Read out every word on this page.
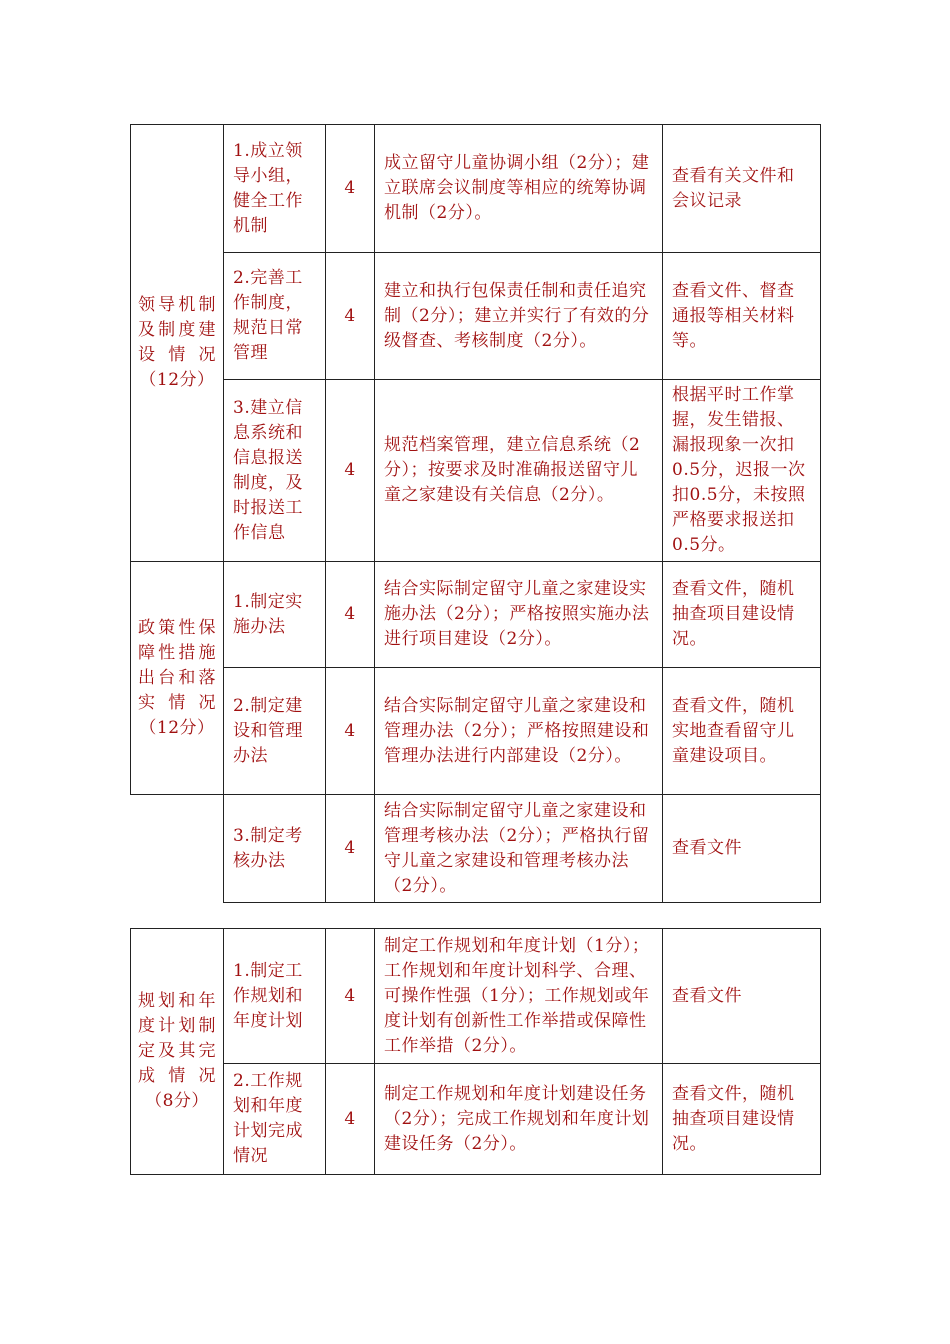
领导机制及制度建设情况（12分）
1.成立领导小组，健全工作机制
4
成立留守儿童协调小组（2分）；建立联席会议制度等相应的统筹协调机制（2分）。
查看有关文件和会议记录
2.完善工作制度，规范日常管理
4
建立和执行包保责任制和责任追究制（2分）；建立并实行了有效的分级督查、考核制度（2分）。
查看文件、督查通报等相关材料等。
3.建立信息系统和信息报送制度，及时报送工作信息
4
规范档案管理，建立信息系统（2分）；按要求及时准确报送留守儿童之家建设有关信息（2分）。
根据平时工作掌握，发生错报、漏报现象一次扣0.5分，迟报一次扣0.5分，未按照严格要求报送扣0.5分。
政策性保障性措施出台和落实情况（12分）
1.制定实施办法
4
结合实际制定留守儿童之家建设实施办法（2分）；严格按照实施办法进行项目建设（2分）。
查看文件，随机抽查项目建设情况。
2.制定建设和管理办法
4
结合实际制定留守儿童之家建设和管理办法（2分）；严格按照建设和管理办法进行内部建设（2分）。
查看文件，随机实地查看留守儿童建设项目。
3.制定考核办法
4
结合实际制定留守儿童之家建设和管理考核办法（2分）；严格执行留守儿童之家建设和管理考核办法（2分）。
查看文件
规划和年度计划制定及其完成情况（8分）
1.制定工作规划和年度计划
4
制定工作规划和年度计划（1分）；工作规划和年度计划科学、合理、可操作性强（1分）；工作规划或年度计划有创新性工作举措或保障性工作举措（2分）。
查看文件
2.工作规划和年度计划完成情况
4
制定工作规划和年度计划建设任务（2分）；完成工作规划和年度计划建设任务（2分）。
查看文件，随机抽查项目建设情况。
